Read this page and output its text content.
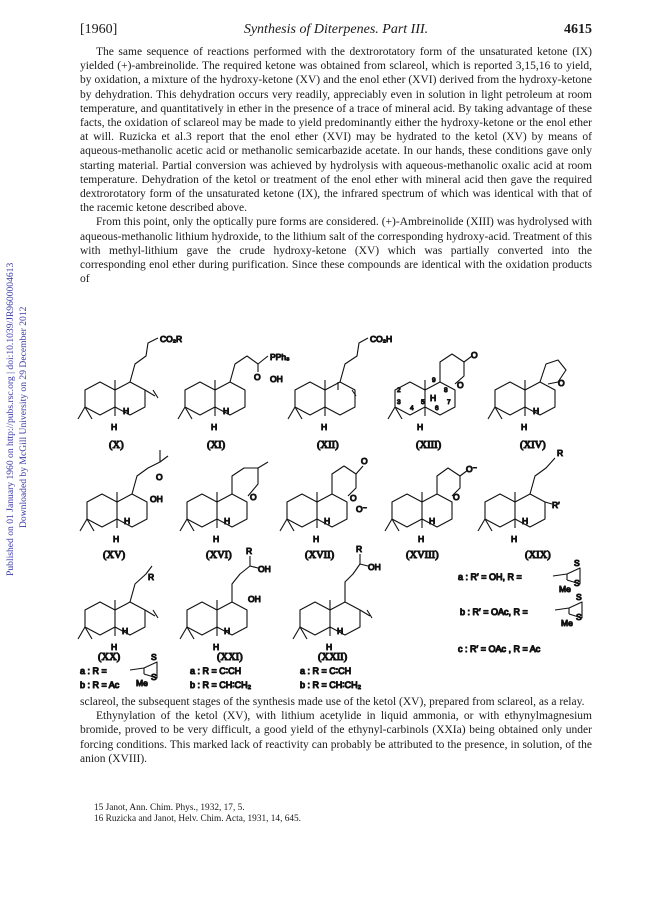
[1960]	Synthesis of Diterpenes. Part III.	4615
Published on 01 January 1960 on http://pubs.rsc.org | doi:10.1039/JR9600004613 Downloaded by McGill University on 29 December 2012

The same sequence of reactions performed with the dextrorotatory form of the unsaturated ketone (IX) yielded (+)-ambreinolide. The required ketone was obtained from sclareol, which is reported 3,15,16 to yield, by oxidation, a mixture of the hydroxy-ketone (XV) and the enol ether (XVI) derived from the hydroxy-ketone by dehydration. This dehydration occurs very readily, appreciably even in solution in light petroleum at room temperature, and quantitatively in ether in the presence of a trace of mineral acid. By taking advantage of these facts, the oxidation of sclareol may be made to yield predominantly either the hydroxy-ketone or the enol ether at will. Ruzicka et al.3 report that the enol ether (XVI) may be hydrated to the ketol (XV) by means of aqueous-methanolic acetic acid or methanolic semicarbazide acetate. In our hands, these conditions gave only starting material. Partial conversion was achieved by hydrolysis with aqueous-methanolic oxalic acid at room temperature. Dehydration of the ketol or treatment of the enol ether with mineral acid then gave the required dextrorotatory form of the unsaturated ketone (IX), the infrared spectrum of which was identical with that of the racemic ketone described above.

From this point, only the optically pure forms are considered. (+)-Ambreinolide (XIII) was hydrolysed with aqueous-methanolic lithium hydroxide, to the lithium salt of the corresponding hydroxy-acid. Treatment of this with methyl-lithium gave the crude hydroxy-ketone (XV) which was partially converted into the corresponding enol ether during purification. Since these compounds are identical with the oxidation products of

CO₂R
H
H
(X)
O
PPh₃
OH
H
H
(XI)
CO₂H
H
(XII)
O
O
2
3
4
5
6
7
8
9
H
H
(XIII)
O
H
H
(XIV)
O
OH
H
H
(XV)
O
H
H
(XVI)
O
O
O⁻
H
H
(XVII)
O⁻
O
H
H
(XVIII)
R
R′
H
H
(XIX)
a : R′ = OH, R =
S
S
Me
b : R′ = OAc, R =
S
S
Me
c : R′ = OAc , R = Ac
R
H
H
(XX)
a : R =
S
S
Me
b : R = Ac
R
OH
OH
H
H
(XXI)
a : R = C∶CH
b : R = CH∶CH₂
R
OH
H
H
(XXII)
a : R = C∶CH
b : R = CH∶CH₂

sclareol, the subsequent stages of the synthesis made use of the ketol (XV), prepared from sclareol, as a relay.

Ethynylation of the ketol (XV), with lithium acetylide in liquid ammonia, or with ethynylmagnesium bromide, proved to be very difficult, a good yield of the ethynyl-carbinols (XXIa) being obtained only under forcing conditions. This marked lack of reactivity can probably be attributed to the presence, in solution, of the anion (XVIII).

15 Janot, Ann. Chim. Phys., 1932, 17, 5.

16 Ruzicka and Janot, Helv. Chim. Acta, 1931, 14, 645.
